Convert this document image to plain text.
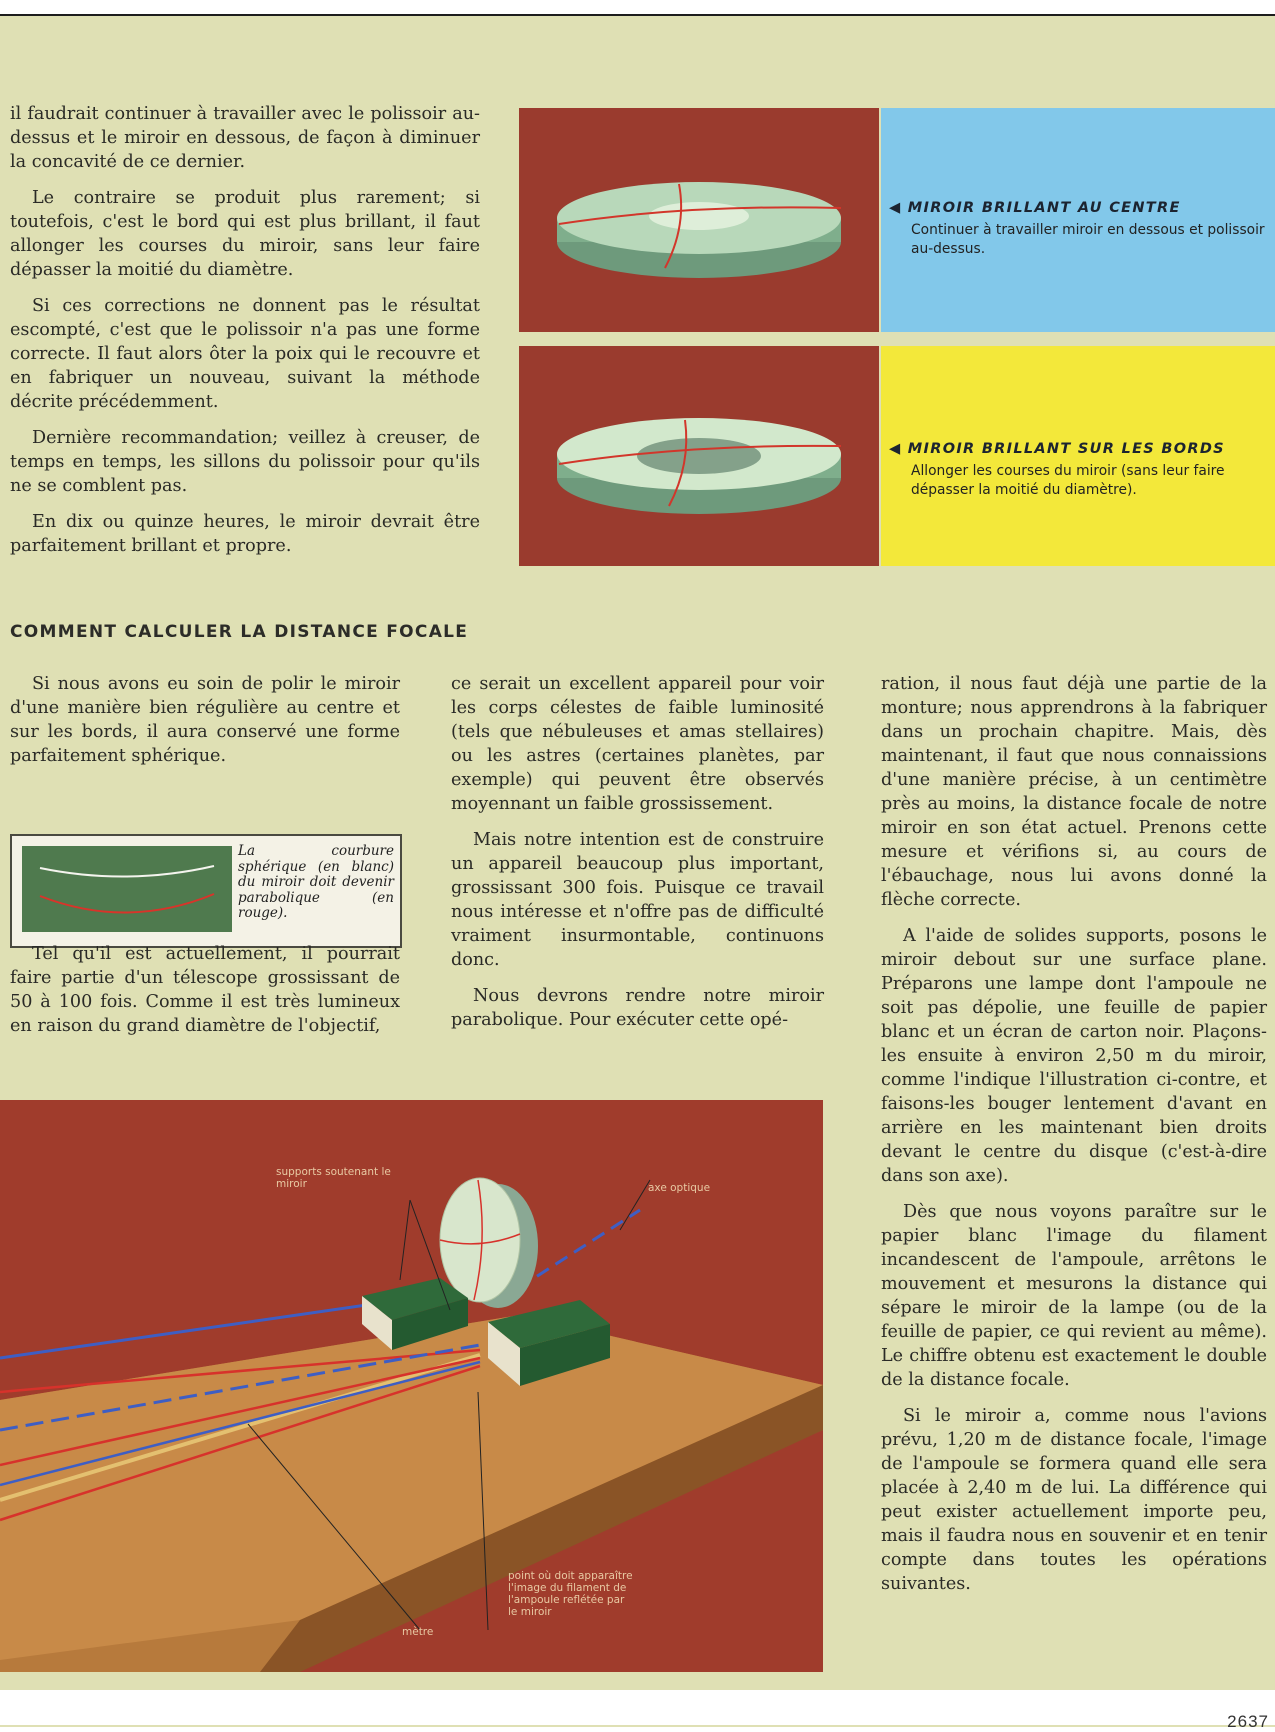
il faudrait continuer à travailler avec le polissoir au-dessus et le miroir en dessous, de façon à diminuer la concavité de ce dernier.

Le contraire se produit plus rarement; si toutefois, c'est le bord qui est plus brillant, il faut allonger les courses du miroir, sans leur faire dépasser la moitié du diamètre.

Si ces corrections ne donnent pas le résultat escompté, c'est que le polissoir n'a pas une forme correcte. Il faut alors ôter la poix qui le recouvre et en fabriquer un nouveau, suivant la méthode décrite précédemment.

Dernière recommandation; veillez à creuser, de temps en temps, les sillons du polissoir pour qu'ils ne se comblent pas.

En dix ou quinze heures, le miroir devrait être parfaitement brillant et propre.

◀ MIROIR BRILLANT AU CENTRE
Continuer à travailler miroir en dessous et polissoir au-dessus.
◀ MIROIR BRILLANT SUR LES BORDS
Allonger les courses du miroir (sans leur faire dépasser la moitié du diamètre).
COMMENT CALCULER LA DISTANCE FOCALE

Si nous avons eu soin de polir le miroir d'une manière bien régulière au centre et sur les bords, il aura conservé une forme parfaitement sphérique.

La courbure sphérique (en blanc) du miroir doit devenir parabolique (en rouge).

Tel qu'il est actuellement, il pourrait faire partie d'un télescope grossissant de 50 à 100 fois. Comme il est très lumineux en raison du grand diamètre de l'objectif,

ce serait un excellent appareil pour voir les corps célestes de faible luminosité (tels que nébuleuses et amas stellaires) ou les astres (certaines planètes, par exemple) qui peuvent être observés moyennant un faible grossissement.

Mais notre intention est de construire un appareil beaucoup plus important, grossissant 300 fois. Puisque ce travail nous intéresse et n'offre pas de difficulté vraiment insurmontable, continuons donc.

Nous devrons rendre notre miroir parabolique. Pour exécuter cette opé-

ration, il nous faut déjà une partie de la monture; nous apprendrons à la fabriquer dans un prochain chapitre. Mais, dès maintenant, il faut que nous connaissions d'une manière précise, à un centimètre près au moins, la distance focale de notre miroir en son état actuel. Prenons cette mesure et vérifions si, au cours de l'ébauchage, nous lui avons donné la flèche correcte.

A l'aide de solides supports, posons le miroir debout sur une surface plane. Préparons une lampe dont l'ampoule ne soit pas dépolie, une feuille de papier blanc et un écran de carton noir. Plaçons-les ensuite à environ 2,50 m du miroir, comme l'indique l'illustration ci-contre, et faisons-les bouger lentement d'avant en arrière en les maintenant bien droits devant le centre du disque (c'est-à-dire dans son axe).

Dès que nous voyons paraître sur le papier blanc l'image du filament incandescent de l'ampoule, arrêtons le mouvement et mesurons la distance qui sépare le miroir de la lampe (ou de la feuille de papier, ce qui revient au même). Le chiffre obtenu est exactement le double de la distance focale.

Si le miroir a, comme nous l'avions prévu, 1,20 m de distance focale, l'image de l'ampoule se formera quand elle sera placée à 2,40 m de lui. La différence qui peut exister actuellement importe peu, mais il faudra nous en souvenir et en tenir compte dans toutes les opérations suivantes.

supports soutenant le miroir	axe optique
point où doit apparaître l'image du filament de l'ampoule reflétée par le miroir
mètre
2637
